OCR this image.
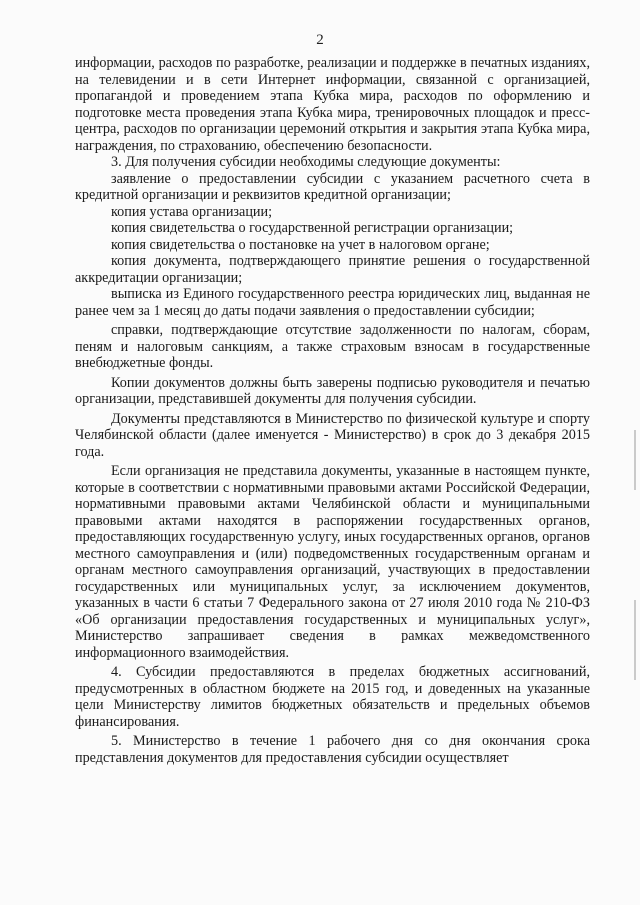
2

информации, расходов по разработке, реализации и поддержке в печатных изданиях, на телевидении и в сети Интернет информации, связанной с организацией, пропагандой и проведением этапа Кубка мира, расходов по оформлению и подготовке места проведения этапа Кубка мира, тренировочных площадок и пресс-центра, расходов по организации церемоний открытия и закрытия этапа Кубка мира, награждения, по страхованию, обеспечению безопасности.

3. Для получения субсидии необходимы следующие документы:

заявление о предоставлении субсидии с указанием расчетного счета в кредитной организации и реквизитов кредитной организации;

копия устава организации;

копия свидетельства о государственной регистрации организации;

копия свидетельства о постановке на учет в налоговом органе;

копия документа, подтверждающего принятие решения о государственной аккредитации организации;

выписка из Единого государственного реестра юридических лиц, выданная не ранее чем за 1 месяц до даты подачи заявления о предоставлении субсидии;

справки, подтверждающие отсутствие задолженности по налогам, сборам, пеням и налоговым санкциям, а также страховым взносам в государственные внебюджетные фонды.

Копии документов должны быть заверены подписью руководителя и печатью организации, представившей документы для получения субсидии.

Документы представляются в Министерство по физической культуре и спорту Челябинской области (далее именуется - Министерство) в срок до 3 декабря 2015 года.

Если организация не представила документы, указанные в настоящем пункте, которые в соответствии с нормативными правовыми актами Российской Федерации, нормативными правовыми актами Челябинской области и муниципальными правовыми актами находятся в распоряжении государственных органов, предоставляющих государственную услугу, иных государственных органов, органов местного самоуправления и (или) подведомственных государственным органам и органам местного самоуправления организаций, участвующих в предоставлении государственных или муниципальных услуг, за исключением документов, указанных в части 6 статьи 7 Федерального закона от 27 июля 2010 года № 210-ФЗ «Об организации предоставления государственных и муниципальных услуг», Министерство запрашивает сведения в рамках межведомственного информационного взаимодействия.

4. Субсидии предоставляются в пределах бюджетных ассигнований, предусмотренных в областном бюджете на 2015 год, и доведенных на указанные цели Министерству лимитов бюджетных обязательств и предельных объемов финансирования.

5. Министерство в течение 1 рабочего дня со дня окончания срока представления документов для предоставления субсидии осуществляет
